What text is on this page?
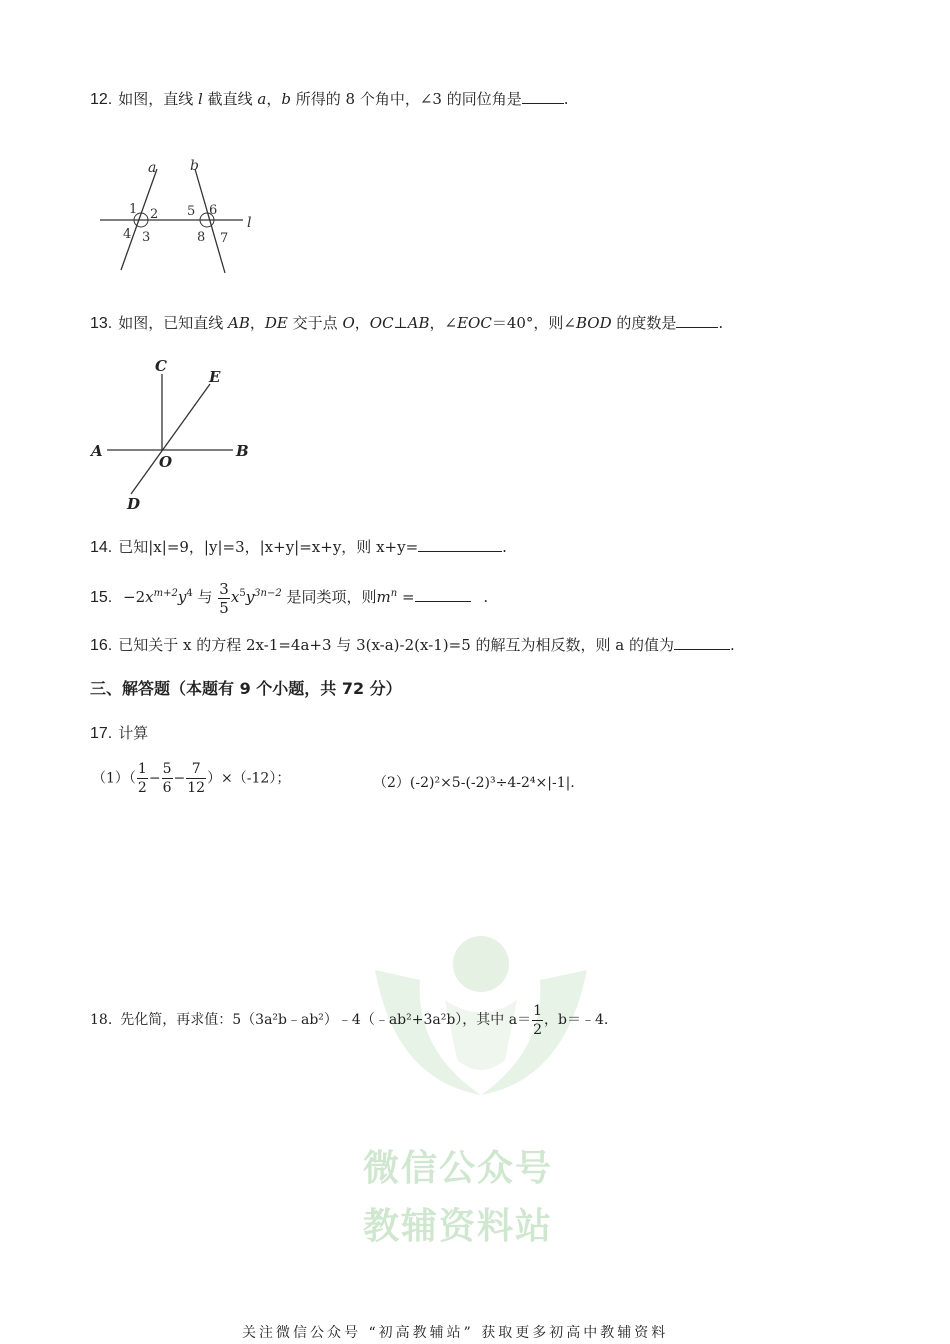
微信公众号
教辅资料站
12. 如图，直线 l 截直线 a，b 所得的 8 个角中，∠3 的同位角是	.
a b
l
1 2
4 3
5 6
8 7
13. 如图，已知直线 AB，DE 交于点 O，OC⊥AB，∠EOC＝40°，则∠BOD 的度数是	.
C
E
A
O
B
D
14. 已知|x|=9，|y|=3，|x+y|=x+y，则 x+y=	.
15. $-2x^{m+2}y^4$ 与 $\frac{3}{5} x^5y^{3n-2}$ 是同类项，则$m^n$ =	.
16. 已知关于 x 的方程 2x-1=4a+3 与 3(x-a)-2(x-1)=5 的解互为相反数，则 a 的值为	.
三、解答题（本题有 9 个小题，共 72 分）
17. 计算
$(1)( \frac{1}{2} - \frac{5}{6} - \frac{7}{12} )\times(-12)$；	（2）(-2)²×5-(-2)³÷4-2⁴×|-1|.
18. 先化简，再求值：5（3a²b﹣ab²）﹣4（﹣ab²+3a²b），其中 $a= \frac{1}{2}$ ，b＝﹣4.
关注微信公众号 “初高教辅站” 获取更多初高中教辅资料
